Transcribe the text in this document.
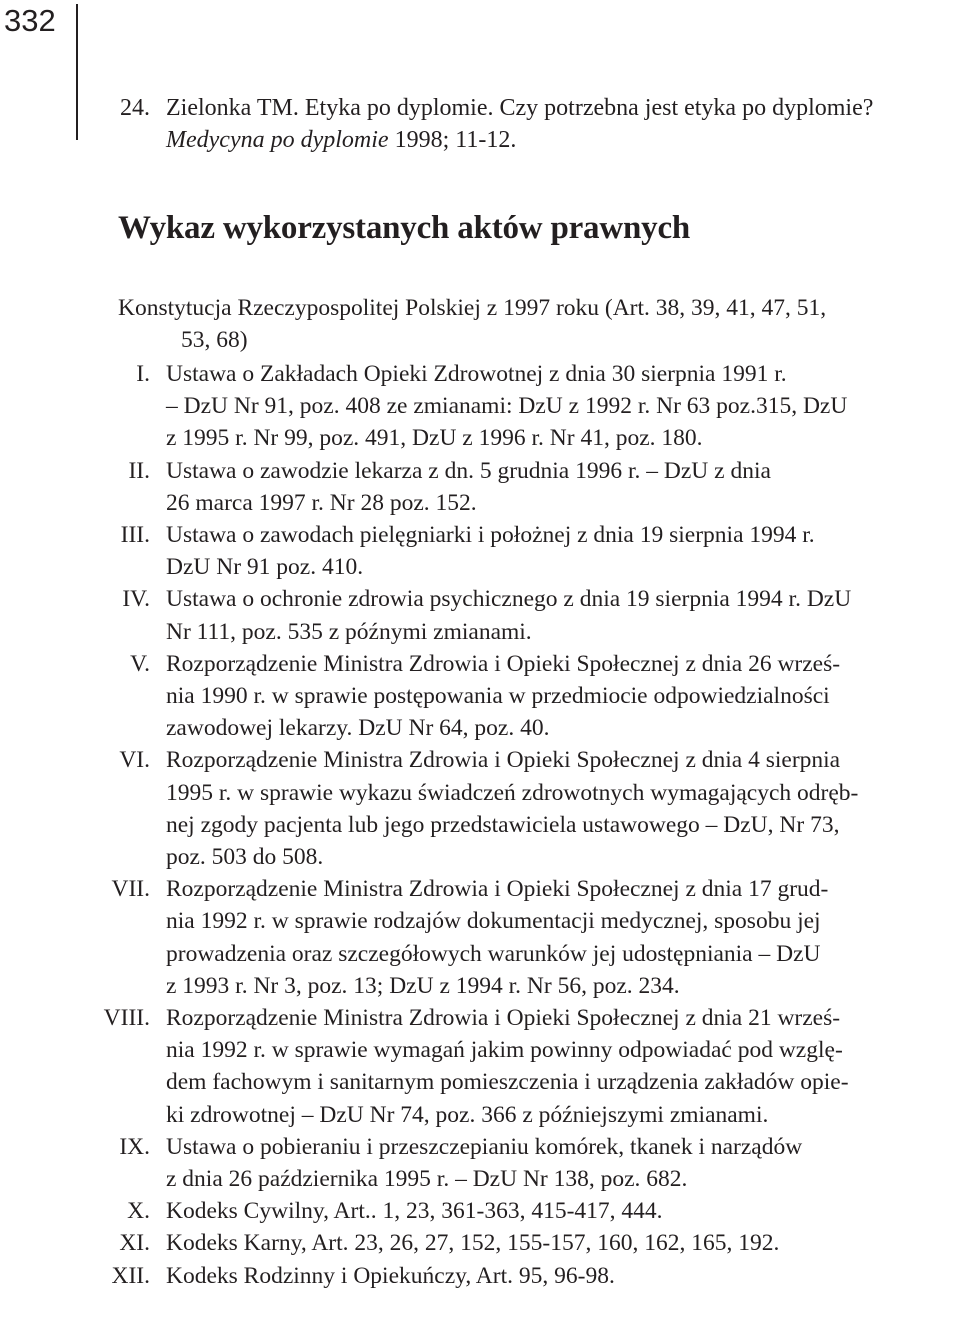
332
24. Zielonka TM. Etyka po dyplomie. Czy potrzebna jest etyka po dyplomie?
Medycyna po dyplomie 1998; 11-12.
Wykaz wykorzystanych aktów prawnych
Konstytucja Rzeczypospolitej Polskiej z 1997 roku (Art. 38, 39, 41, 47, 51,
53, 68)
I. Ustawa o Zakładach Opieki Zdrowotnej z dnia 30 sierpnia 1991 r.
– DzU Nr 91, poz. 408 ze zmianami: DzU z 1992 r. Nr 63 poz.315, DzU
z 1995 r. Nr 99, poz. 491, DzU z 1996 r. Nr 41, poz. 180.
II. Ustawa o zawodzie lekarza z dn. 5 grudnia 1996 r. – DzU z dnia
26 marca 1997 r. Nr 28 poz. 152.
III. Ustawa o zawodach pielęgniarki i położnej z dnia 19 sierpnia 1994 r.
DzU Nr 91 poz. 410.
IV. Ustawa o ochronie zdrowia psychicznego z dnia 19 sierpnia 1994 r. DzU
Nr 111, poz. 535 z późnymi zmianami.
V. Rozporządzenie Ministra Zdrowia i Opieki Społecznej z dnia 26 wrześ-
nia 1990 r. w sprawie postępowania w przedmiocie odpowiedzialności
zawodowej lekarzy. DzU Nr 64, poz. 40.
VI. Rozporządzenie Ministra Zdrowia i Opieki Społecznej z dnia 4 sierpnia
1995 r. w sprawie wykazu świadczeń zdrowotnych wymagających odręb-
nej zgody pacjenta lub jego przedstawiciela ustawowego – DzU, Nr 73,
poz. 503 do 508.
VII. Rozporządzenie Ministra Zdrowia i Opieki Społecznej z dnia 17 grud-
nia 1992 r. w sprawie rodzajów dokumentacji medycznej, sposobu jej
prowadzenia oraz szczegółowych warunków jej udostępniania – DzU
z 1993 r. Nr 3, poz. 13; DzU z 1994 r. Nr 56, poz. 234.
VIII. Rozporządzenie Ministra Zdrowia i Opieki Społecznej z dnia 21 wrześ-
nia 1992 r. w sprawie wymagań jakim powinny odpowiadać pod wzglę-
dem fachowym i sanitarnym pomieszczenia i urządzenia zakładów opie-
ki zdrowotnej – DzU Nr 74, poz. 366 z późniejszymi zmianami.
IX. Ustawa o pobieraniu i przeszczepianiu komórek, tkanek i narządów
z dnia 26 października 1995 r. – DzU Nr 138, poz. 682.
X. Kodeks Cywilny, Art.. 1, 23, 361-363, 415-417, 444.
XI. Kodeks Karny, Art. 23, 26, 27, 152, 155-157, 160, 162, 165, 192.
XII. Kodeks Rodzinny i Opiekuńczy, Art. 95, 96-98.
